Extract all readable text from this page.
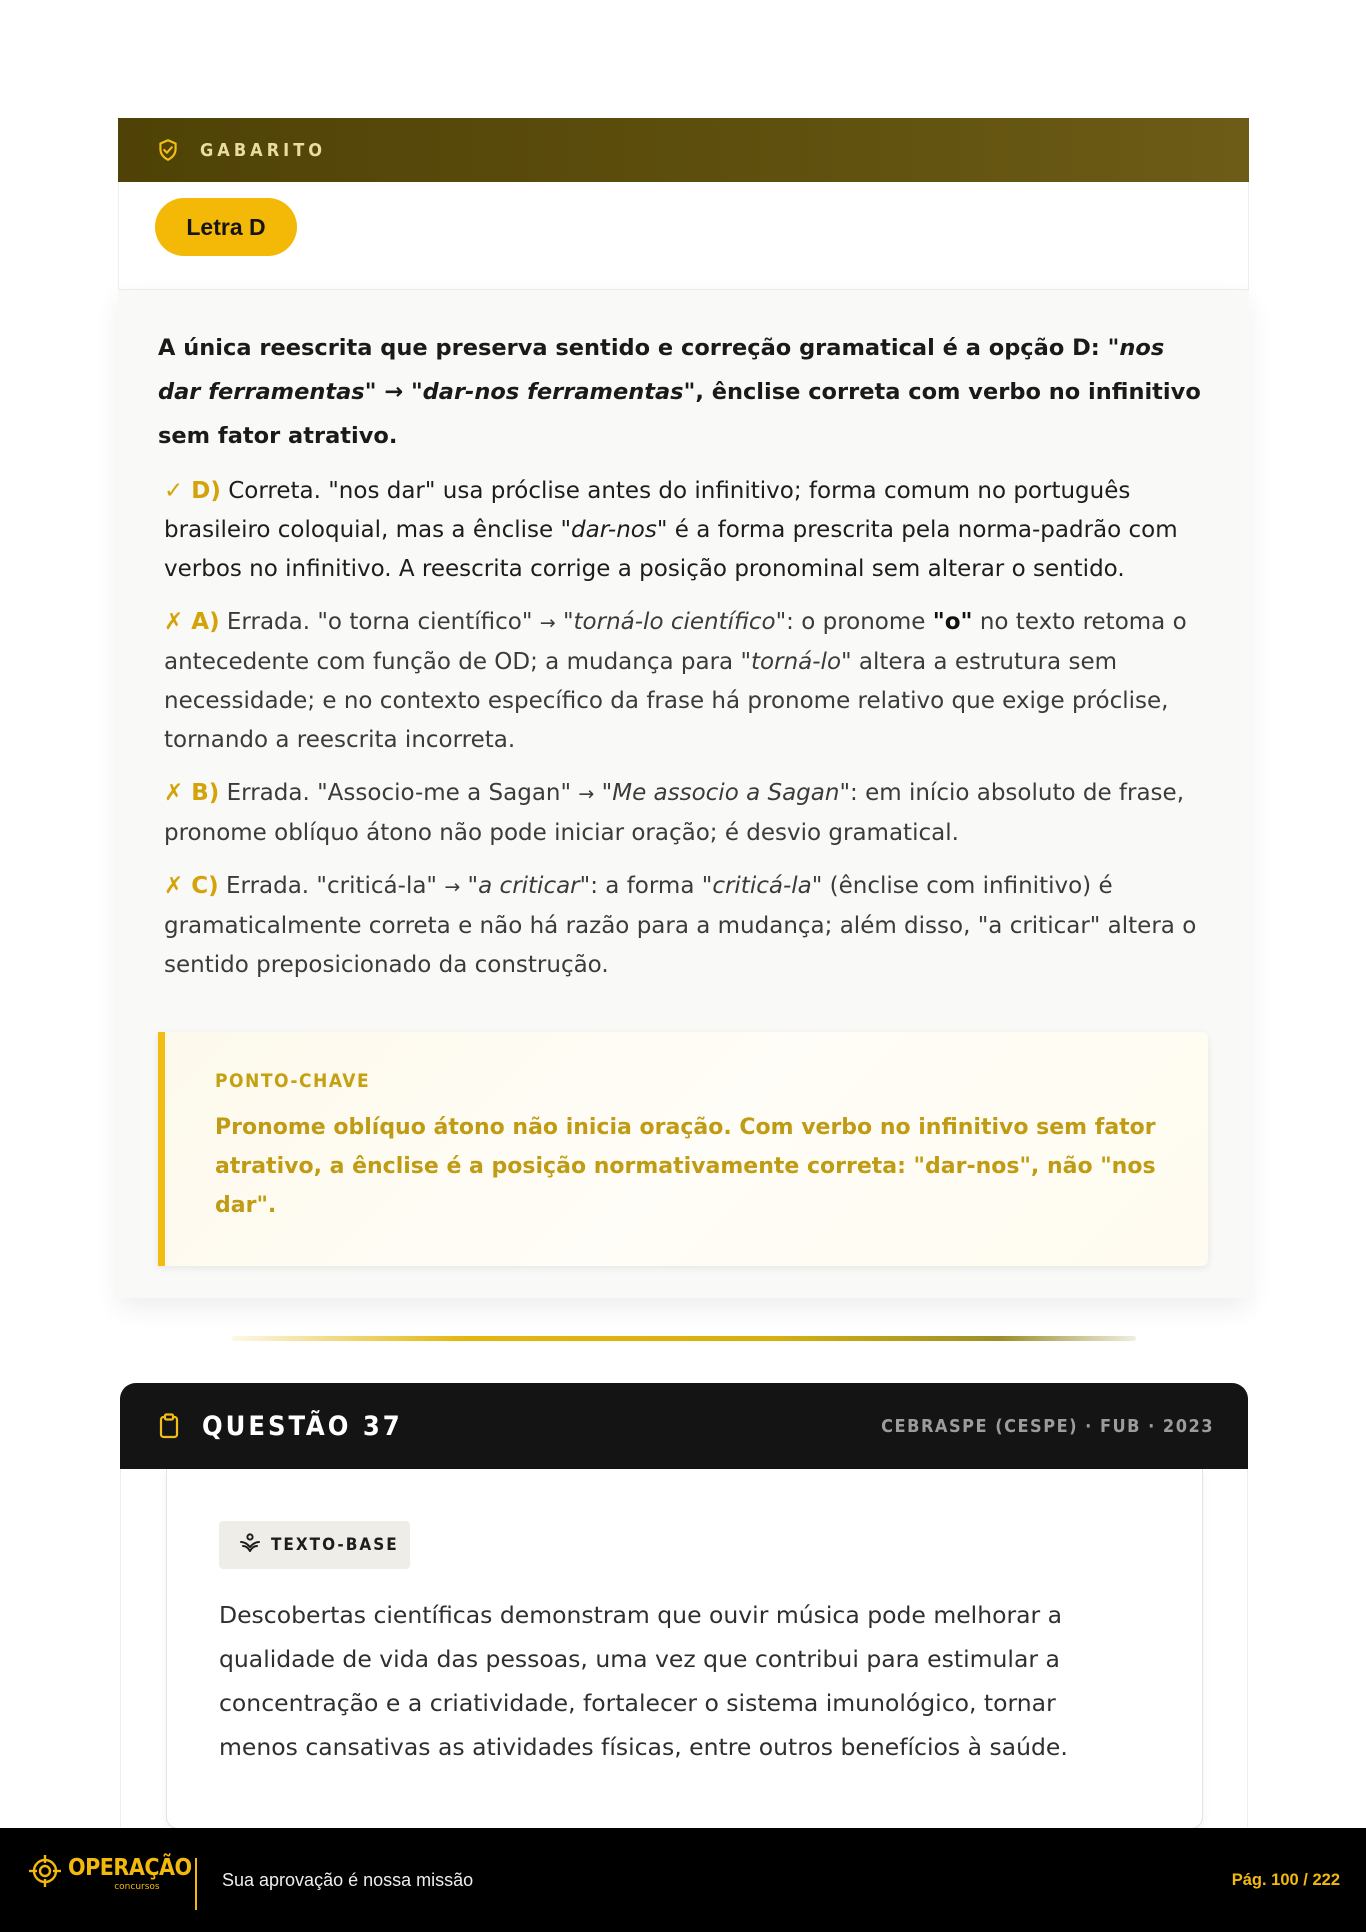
GABARITO
Letra D

A única reescrita que preserva sentido e correção gramatical é a opção D: "nos dar ferramentas" → "dar-nos ferramentas", ênclise correta com verbo no infinitivo sem fator atrativo.

✓ D) Correta. "nos dar" usa próclise antes do infinitivo; forma comum no português brasileiro coloquial, mas a ênclise "dar-nos" é a forma prescrita pela norma-padrão com verbos no infinitivo. A reescrita corrige a posição pronominal sem alterar o sentido.

✗ A) Errada. "o torna científico" → "torná-lo científico": o pronome "o" no texto retoma o antecedente com função de OD; a mudança para "torná-lo" altera a estrutura sem necessidade; e no contexto específico da frase há pronome relativo que exige próclise, tornando a reescrita incorreta.

✗ B) Errada. "Associo-me a Sagan" → "Me associo a Sagan": em início absoluto de frase, pronome oblíquo átono não pode iniciar oração; é desvio gramatical.

✗ C) Errada. "criticá-la" → "a criticar": a forma "criticá-la" (ênclise com infinitivo) é gramaticalmente correta e não há razão para a mudança; além disso, "a criticar" altera o sentido preposicionado da construção.

PONTO-CHAVE
Pronome oblíquo átono não inicia oração. Com verbo no infinitivo sem fator atrativo, a ênclise é a posição normativamente correta: "dar-nos", não "nos dar".
QUESTÃO 37	CEBRASPE (CESPE) · FUB · 2023
TEXTO-BASE

Descobertas científicas demonstram que ouvir música pode melhorar a qualidade de vida das pessoas, uma vez que contribui para estimular a concentração e a criatividade, fortalecer o sistema imunológico, tornar menos cansativas as atividades físicas, entre outros benefícios à saúde.

OPERAÇÃO
concursos	Sua aprovação é nossa missão	Pág. 100 / 222
